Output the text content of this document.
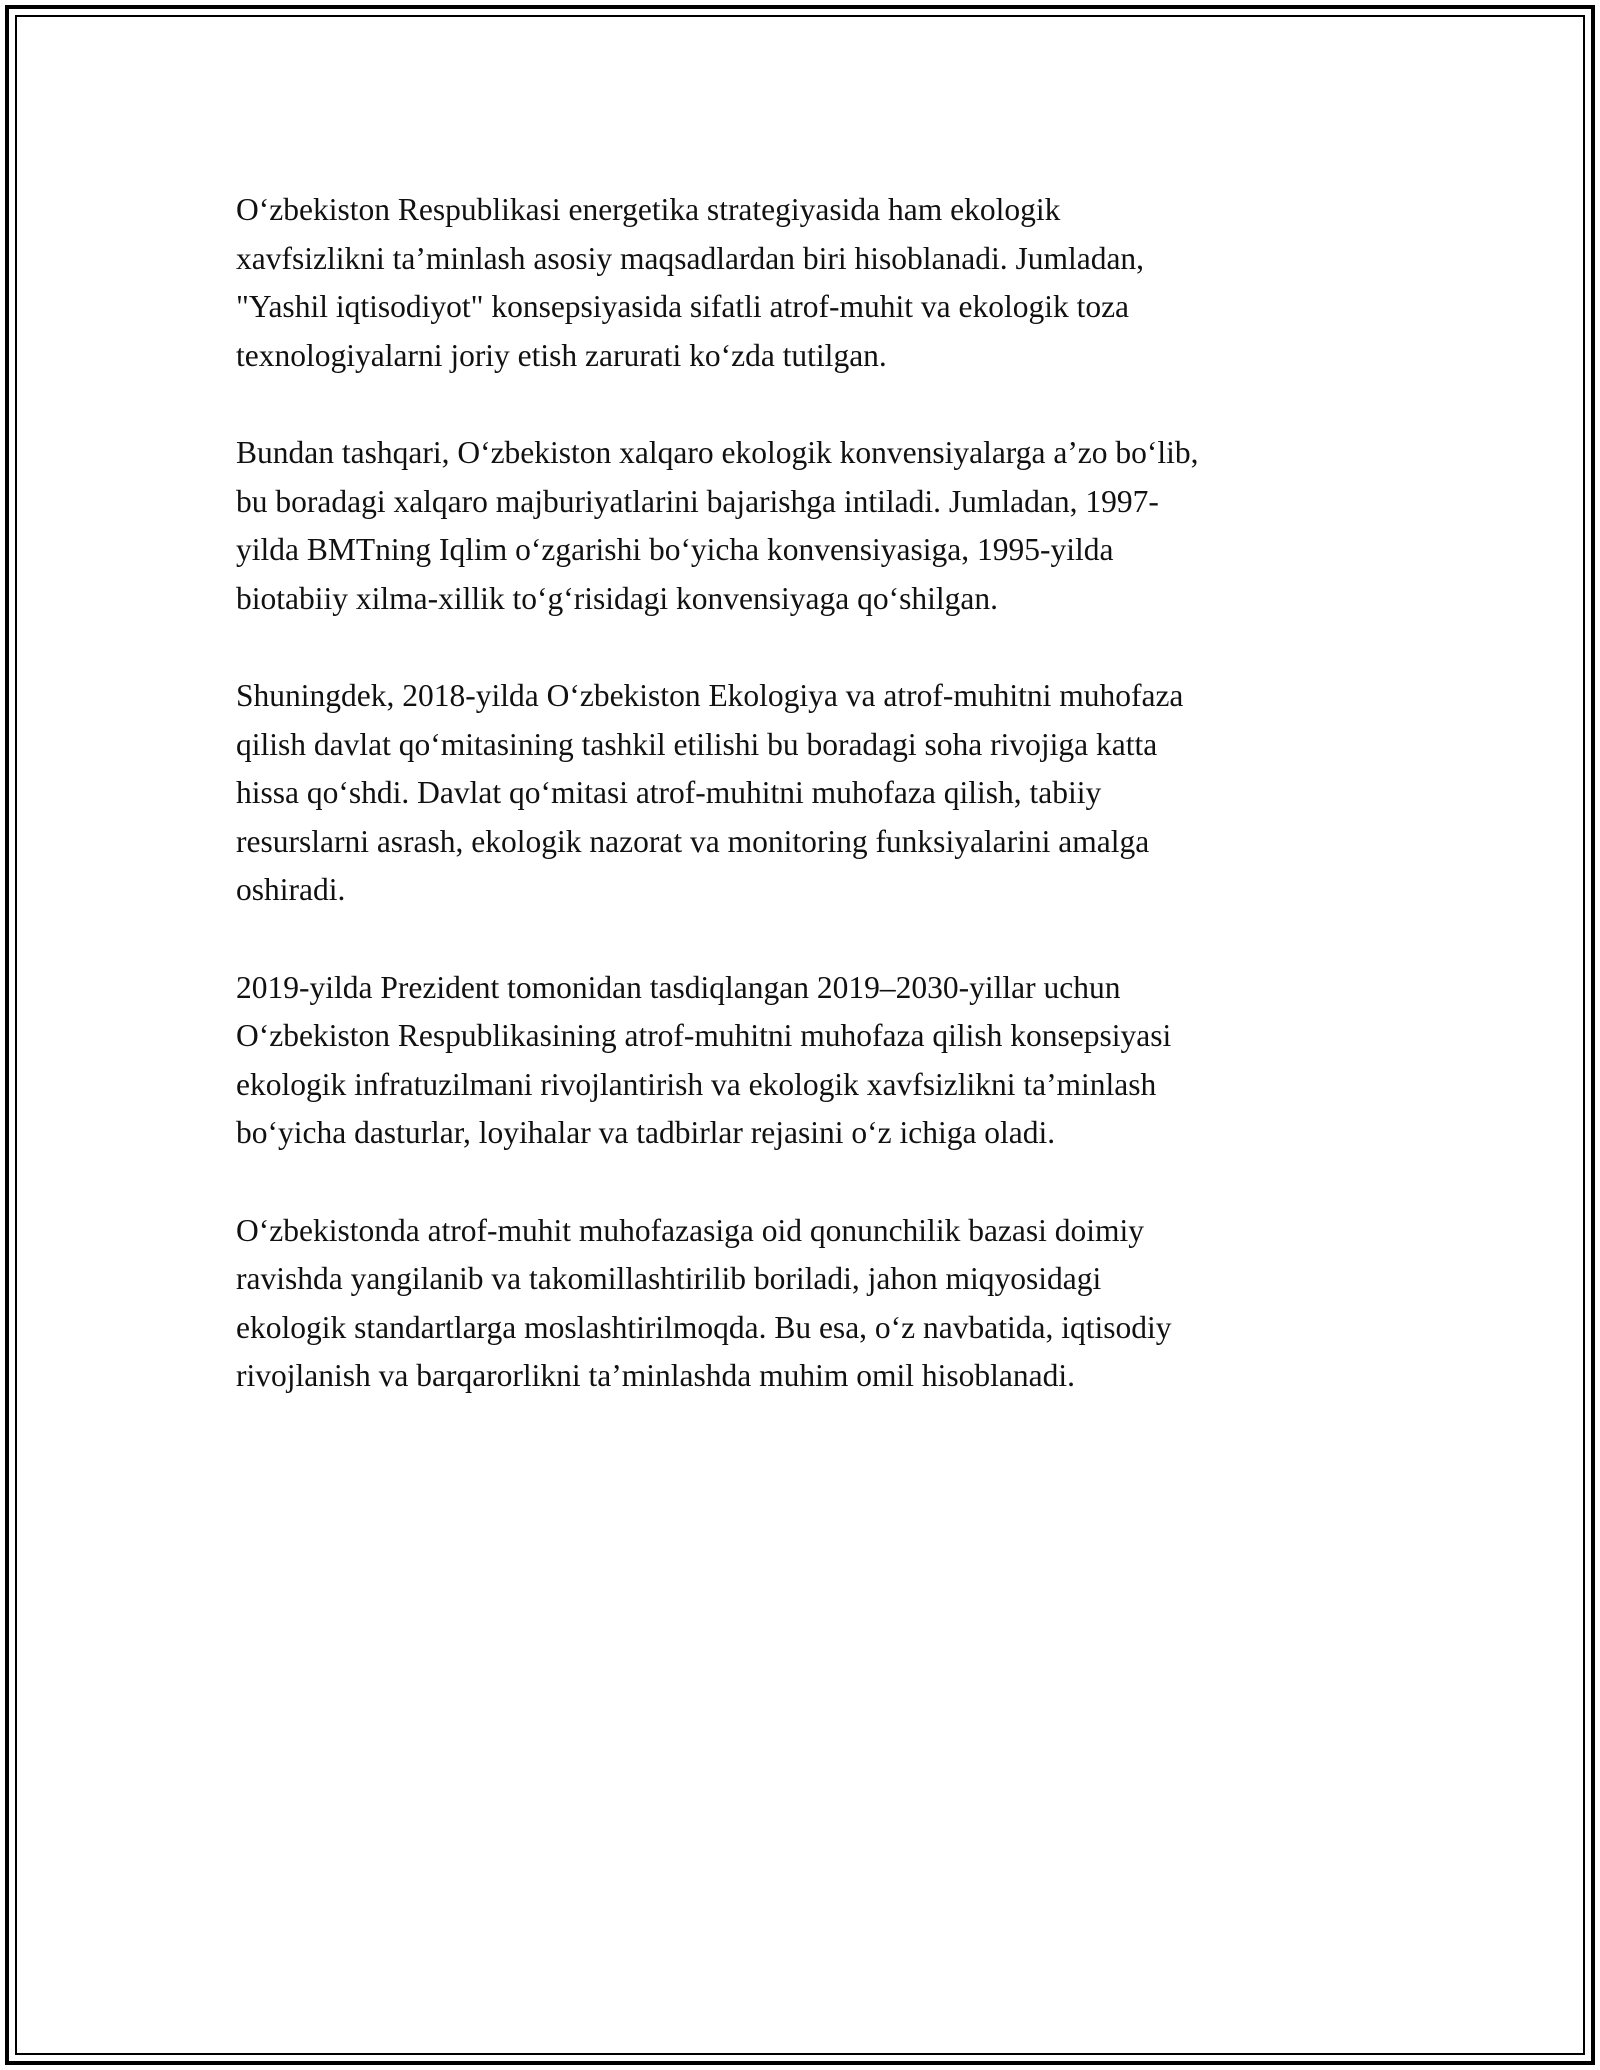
O‘zbekiston Respublikasi energetika strategiyasida ham ekologik
xavfsizlikni ta’minlash asosiy maqsadlardan biri hisoblanadi. Jumladan,
"Yashil iqtisodiyot" konsepsiyasida sifatli atrof-muhit va ekologik toza
texnologiyalarni joriy etish zarurati ko‘zda tutilgan.

Bundan tashqari, O‘zbekiston xalqaro ekologik konvensiyalarga a’zo bo‘lib,
bu boradagi xalqaro majburiyatlarini bajarishga intiladi. Jumladan, 1997-
yilda BMTning Iqlim o‘zgarishi bo‘yicha konvensiyasiga, 1995-yilda
biotabiiy xilma-xillik to‘g‘risidagi konvensiyaga qo‘shilgan.

Shuningdek, 2018-yilda O‘zbekiston Ekologiya va atrof-muhitni muhofaza
qilish davlat qo‘mitasining tashkil etilishi bu boradagi soha rivojiga katta
hissa qo‘shdi. Davlat qo‘mitasi atrof-muhitni muhofaza qilish, tabiiy
resurslarni asrash, ekologik nazorat va monitoring funksiyalarini amalga
oshiradi.

2019-yilda Prezident tomonidan tasdiqlangan 2019–2030-yillar uchun
O‘zbekiston Respublikasining atrof-muhitni muhofaza qilish konsepsiyasi
ekologik infratuzilmani rivojlantirish va ekologik xavfsizlikni ta’minlash
bo‘yicha dasturlar, loyihalar va tadbirlar rejasini o‘z ichiga oladi.

O‘zbekistonda atrof-muhit muhofazasiga oid qonunchilik bazasi doimiy
ravishda yangilanib va takomillashtirilib boriladi, jahon miqyosidagi
ekologik standartlarga moslashtirilmoqda. Bu esa, o‘z navbatida, iqtisodiy
rivojlanish va barqarorlikni ta’minlashda muhim omil hisoblanadi.
